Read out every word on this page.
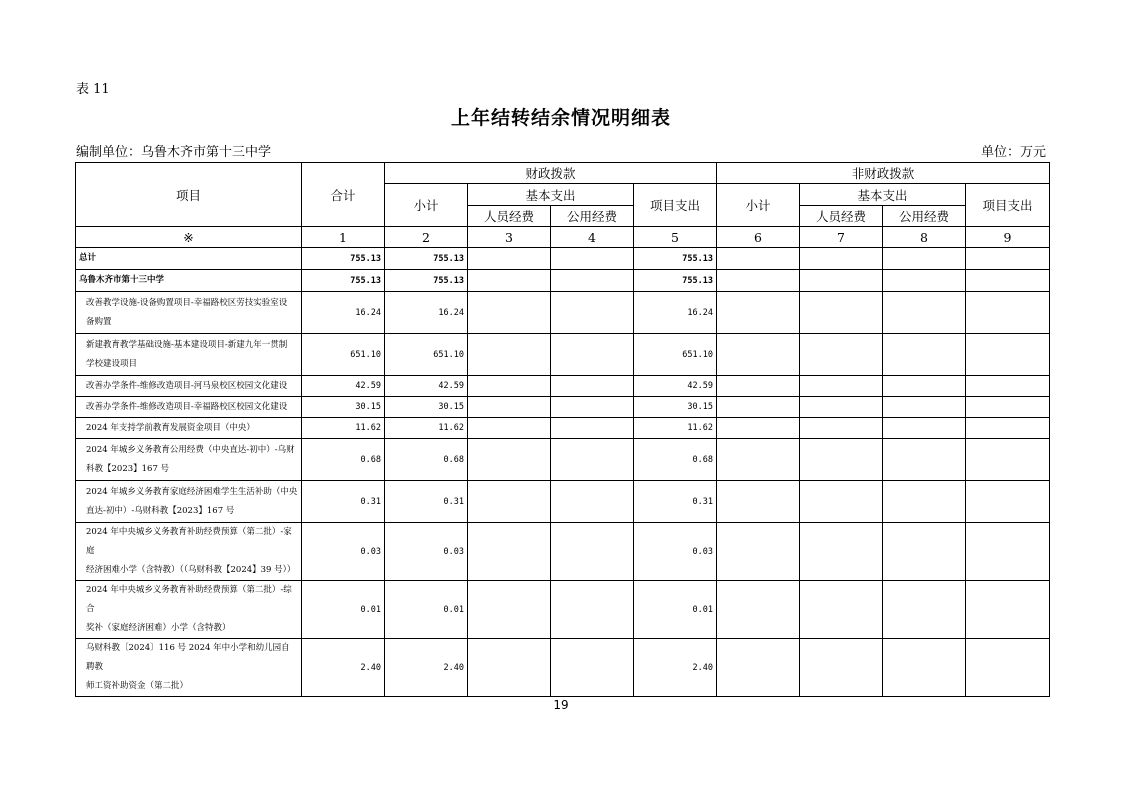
表 11
上年结转结余情况明细表
编制单位：乌鲁木齐市第十三中学	单位：万元
项目	合计	财政拨款				非财政拨款			
		小计	基本支出		项目支出	小计	基本支出		项目支出
			人员经费	公用经费			人员经费	公用经费	
※	1	2	3	4	5	6	7	8	9
总计	755.13	755.13			755.13				
乌鲁木齐市第十三中学	755.13	755.13			755.13				
改善教学设施-设备购置项目-幸福路校区劳技实验室设
备购置	16.24	16.24			16.24				
新建教育教学基础设施-基本建设项目-新建九年一贯制
学校建设项目	651.10	651.10			651.10				
改善办学条件-维修改造项目-河马泉校区校园文化建设	42.59	42.59			42.59				
改善办学条件-维修改造项目-幸福路校区校园文化建设	30.15	30.15			30.15				
2024 年支持学前教育发展资金项目（中央）	11.62	11.62			11.62				
2024 年城乡义务教育公用经费（中央直达-初中）-乌财
科教【2023】167 号	0.68	0.68			0.68				
2024 年城乡义务教育家庭经济困难学生生活补助（中央
直达-初中）-乌财科教【2023】167 号	0.31	0.31			0.31				
2024 年中央城乡义务教育补助经费预算（第二批）-家庭
经济困难小学（含特教）（（乌财科教【2024】39 号））	0.03	0.03			0.03				
2024 年中央城乡义务教育补助经费预算（第二批）-综合
奖补（家庭经济困难）小学（含特教）	0.01	0.01			0.01				
乌财科教〔2024〕116 号 2024 年中小学和幼儿园自聘教
师工资补助资金（第二批）	2.40	2.40			2.40				
19
